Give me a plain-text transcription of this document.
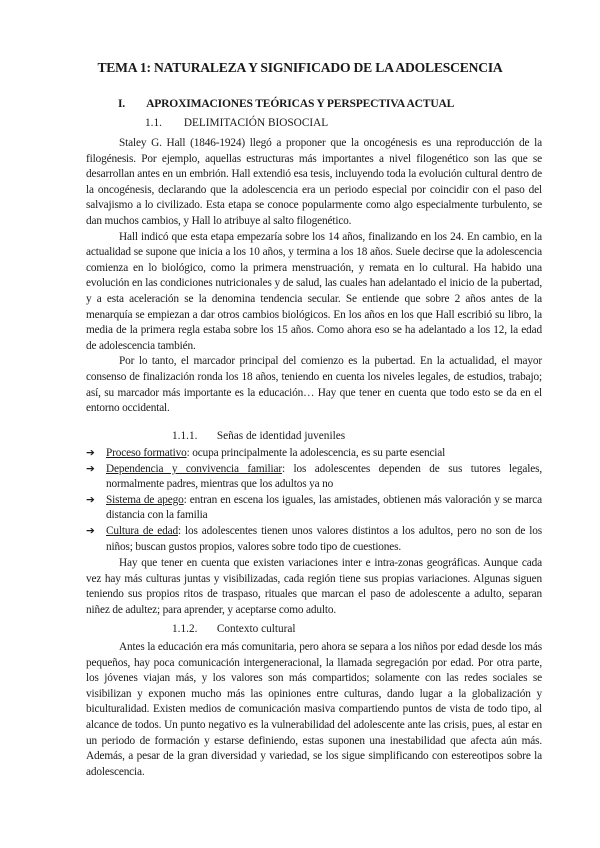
TEMA 1: NATURALEZA Y SIGNIFICADO DE LA ADOLESCENCIA
I. APROXIMACIONES TEÓRICAS Y PERSPECTIVA ACTUAL
1.1. DELIMITACIÓN BIOSOCIAL

Staley G. Hall (1846-1924) llegó a proponer que la oncogénesis es una reproducción de la filogénesis. Por ejemplo, aquellas estructuras más importantes a nivel filogenético son las que se desarrollan antes en un embrión. Hall extendió esa tesis, incluyendo toda la evolución cultural dentro de la oncogénesis, declarando que la adolescencia era un periodo especial por coincidir con el paso del salvajismo a lo civilizado. Esta etapa se conoce popularmente como algo especialmente turbulento, se dan muchos cambios, y Hall lo atribuye al salto filogenético.

Hall indicó que esta etapa empezaría sobre los 14 años, finalizando en los 24. En cambio, en la actualidad se supone que inicia a los 10 años, y termina a los 18 años. Suele decirse que la adolescencia comienza en lo biológico, como la primera menstruación, y remata en lo cultural. Ha habido una evolución en las condiciones nutricionales y de salud, las cuales han adelantado el inicio de la pubertad, y a esta aceleración se la denomina tendencia secular. Se entiende que sobre 2 años antes de la menarquía se empiezan a dar otros cambios biológicos. En los años en los que Hall escribió su libro, la media de la primera regla estaba sobre los 15 años. Como ahora eso se ha adelantado a los 12, la edad de adolescencia también.

Por lo tanto, el marcador principal del comienzo es la pubertad. En la actualidad, el mayor consenso de finalización ronda los 18 años, teniendo en cuenta los niveles legales, de estudios, trabajo; así, su marcador más importante es la educación… Hay que tener en cuenta que todo esto se da en el entorno occidental.

1.1.1. Señas de identidad juveniles
➔ Proceso formativo: ocupa principalmente la adolescencia, es su parte esencial
➔ Dependencia y convivencia familiar: los adolescentes dependen de sus tutores legales, normalmente padres, mientras que los adultos ya no
➔ Sistema de apego: entran en escena los iguales, las amistades, obtienen más valoración y se marca distancia con la familia
➔ Cultura de edad: los adolescentes tienen unos valores distintos a los adultos, pero no son de los niños; buscan gustos propios, valores sobre todo tipo de cuestiones.

Hay que tener en cuenta que existen variaciones inter e intra-zonas geográficas. Aunque cada vez hay más culturas juntas y visibilizadas, cada región tiene sus propias variaciones. Algunas siguen teniendo sus propios ritos de traspaso, rituales que marcan el paso de adolescente a adulto, separan niñez de adultez; para aprender, y aceptarse como adulto.

1.1.2. Contexto cultural

Antes la educación era más comunitaria, pero ahora se separa a los niños por edad desde los más pequeños, hay poca comunicación intergeneracional, la llamada segregación por edad. Por otra parte, los jóvenes viajan más, y los valores son más compartidos; solamente con las redes sociales se visibilizan y exponen mucho más las opiniones entre culturas, dando lugar a la globalización y biculturalidad. Existen medios de comunicación masiva compartiendo puntos de vista de todo tipo, al alcance de todos. Un punto negativo es la vulnerabilidad del adolescente ante las crisis, pues, al estar en un periodo de formación y estarse definiendo, estas suponen una inestabilidad que afecta aún más. Además, a pesar de la gran diversidad y variedad, se los sigue simplificando con estereotipos sobre la adolescencia.
